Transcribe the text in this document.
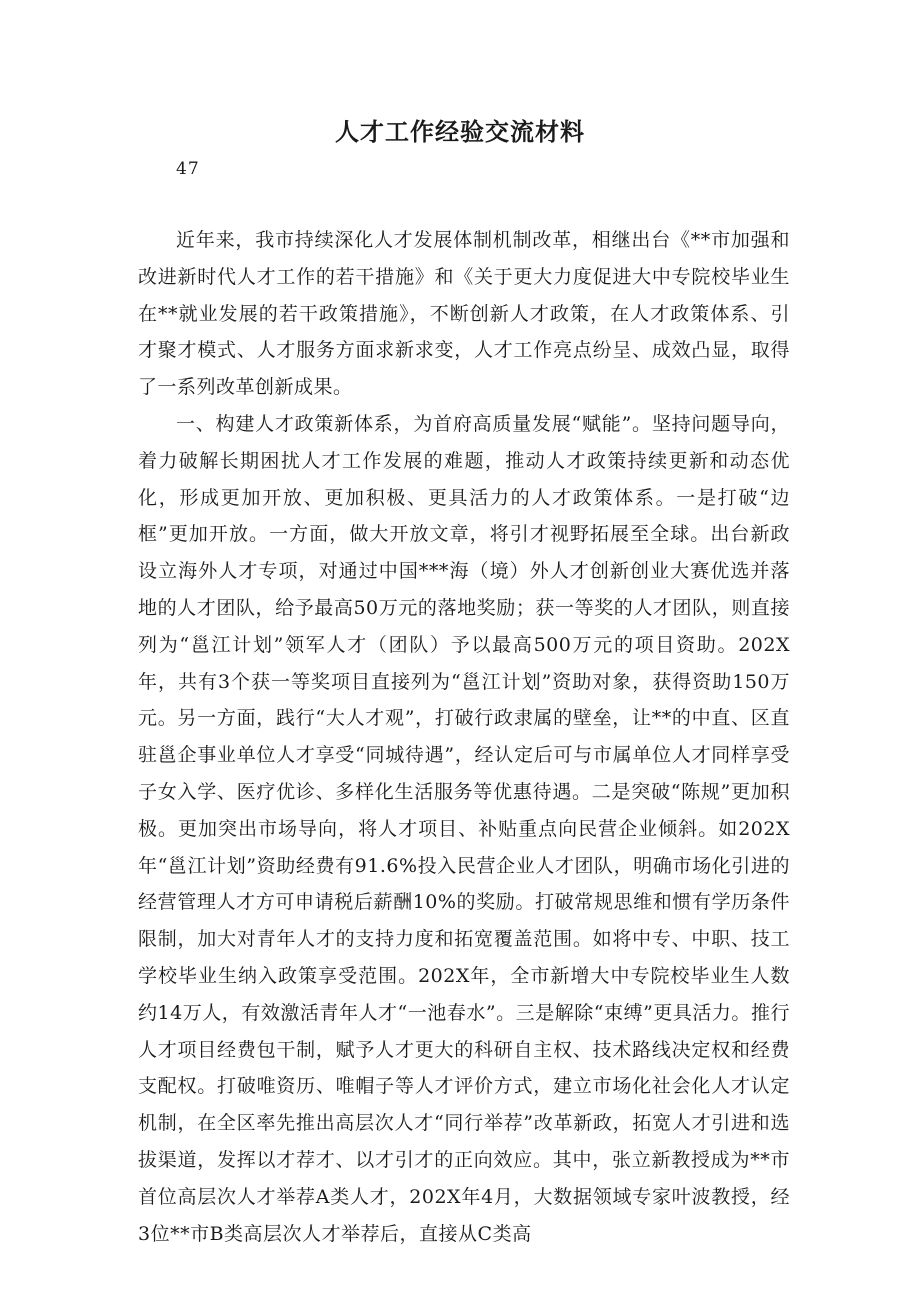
人才工作经验交流材料
47

近年来，我市持续深化人才发展体制机制改革，相继出台《**市加强和改进新时代人才工作的若干措施》和《关于更大力度促进大中专院校毕业生在**就业发展的若干政策措施》，不断创新人才政策，在人才政策体系、引才聚才模式、人才服务方面求新求变，人才工作亮点纷呈、成效凸显，取得了一系列改革创新成果。

一、构建人才政策新体系，为首府高质量发展“赋能”。坚持问题导向，着力破解长期困扰人才工作发展的难题，推动人才政策持续更新和动态优化，形成更加开放、更加积极、更具活力的人才政策体系。一是打破“边框”更加开放。一方面，做大开放文章，将引才视野拓展至全球。出台新政设立海外人才专项，对通过中国***海（境）外人才创新创业大赛优选并落地的人才团队，给予最高50万元的落地奖励；获一等奖的人才团队，则直接列为“邕江计划”领军人才（团队）予以最高500万元的项目资助。202X年，共有3个获一等奖项目直接列为“邕江计划”资助对象，获得资助150万元。另一方面，践行“大人才观”，打破行政隶属的壁垒，让**的中直、区直驻邕企事业单位人才享受“同城待遇”，经认定后可与市属单位人才同样享受子女入学、医疗优诊、多样化生活服务等优惠待遇。二是突破“陈规”更加积极。更加突出市场导向，将人才项目、补贴重点向民营企业倾斜。如202X年“邕江计划”资助经费有91.6%投入民营企业人才团队，明确市场化引进的经营管理人才方可申请税后薪酬10%的奖励。打破常规思维和惯有学历条件限制，加大对青年人才的支持力度和拓宽覆盖范围。如将中专、中职、技工学校毕业生纳入政策享受范围。202X年，全市新增大中专院校毕业生人数约14万人，有效激活青年人才“一池春水”。三是解除“束缚”更具活力。推行人才项目经费包干制，赋予人才更大的科研自主权、技术路线决定权和经费支配权。打破唯资历、唯帽子等人才评价方式，建立市场化社会化人才认定机制，在全区率先推出高层次人才“同行举荐”改革新政，拓宽人才引进和选拔渠道，发挥以才荐才、以才引才的正向效应。其中，张立新教授成为**市首位高层次人才举荐A类人才，202X年4月，大数据领域专家叶波教授，经3位**市B类高层次人才举荐后，直接从C类高
